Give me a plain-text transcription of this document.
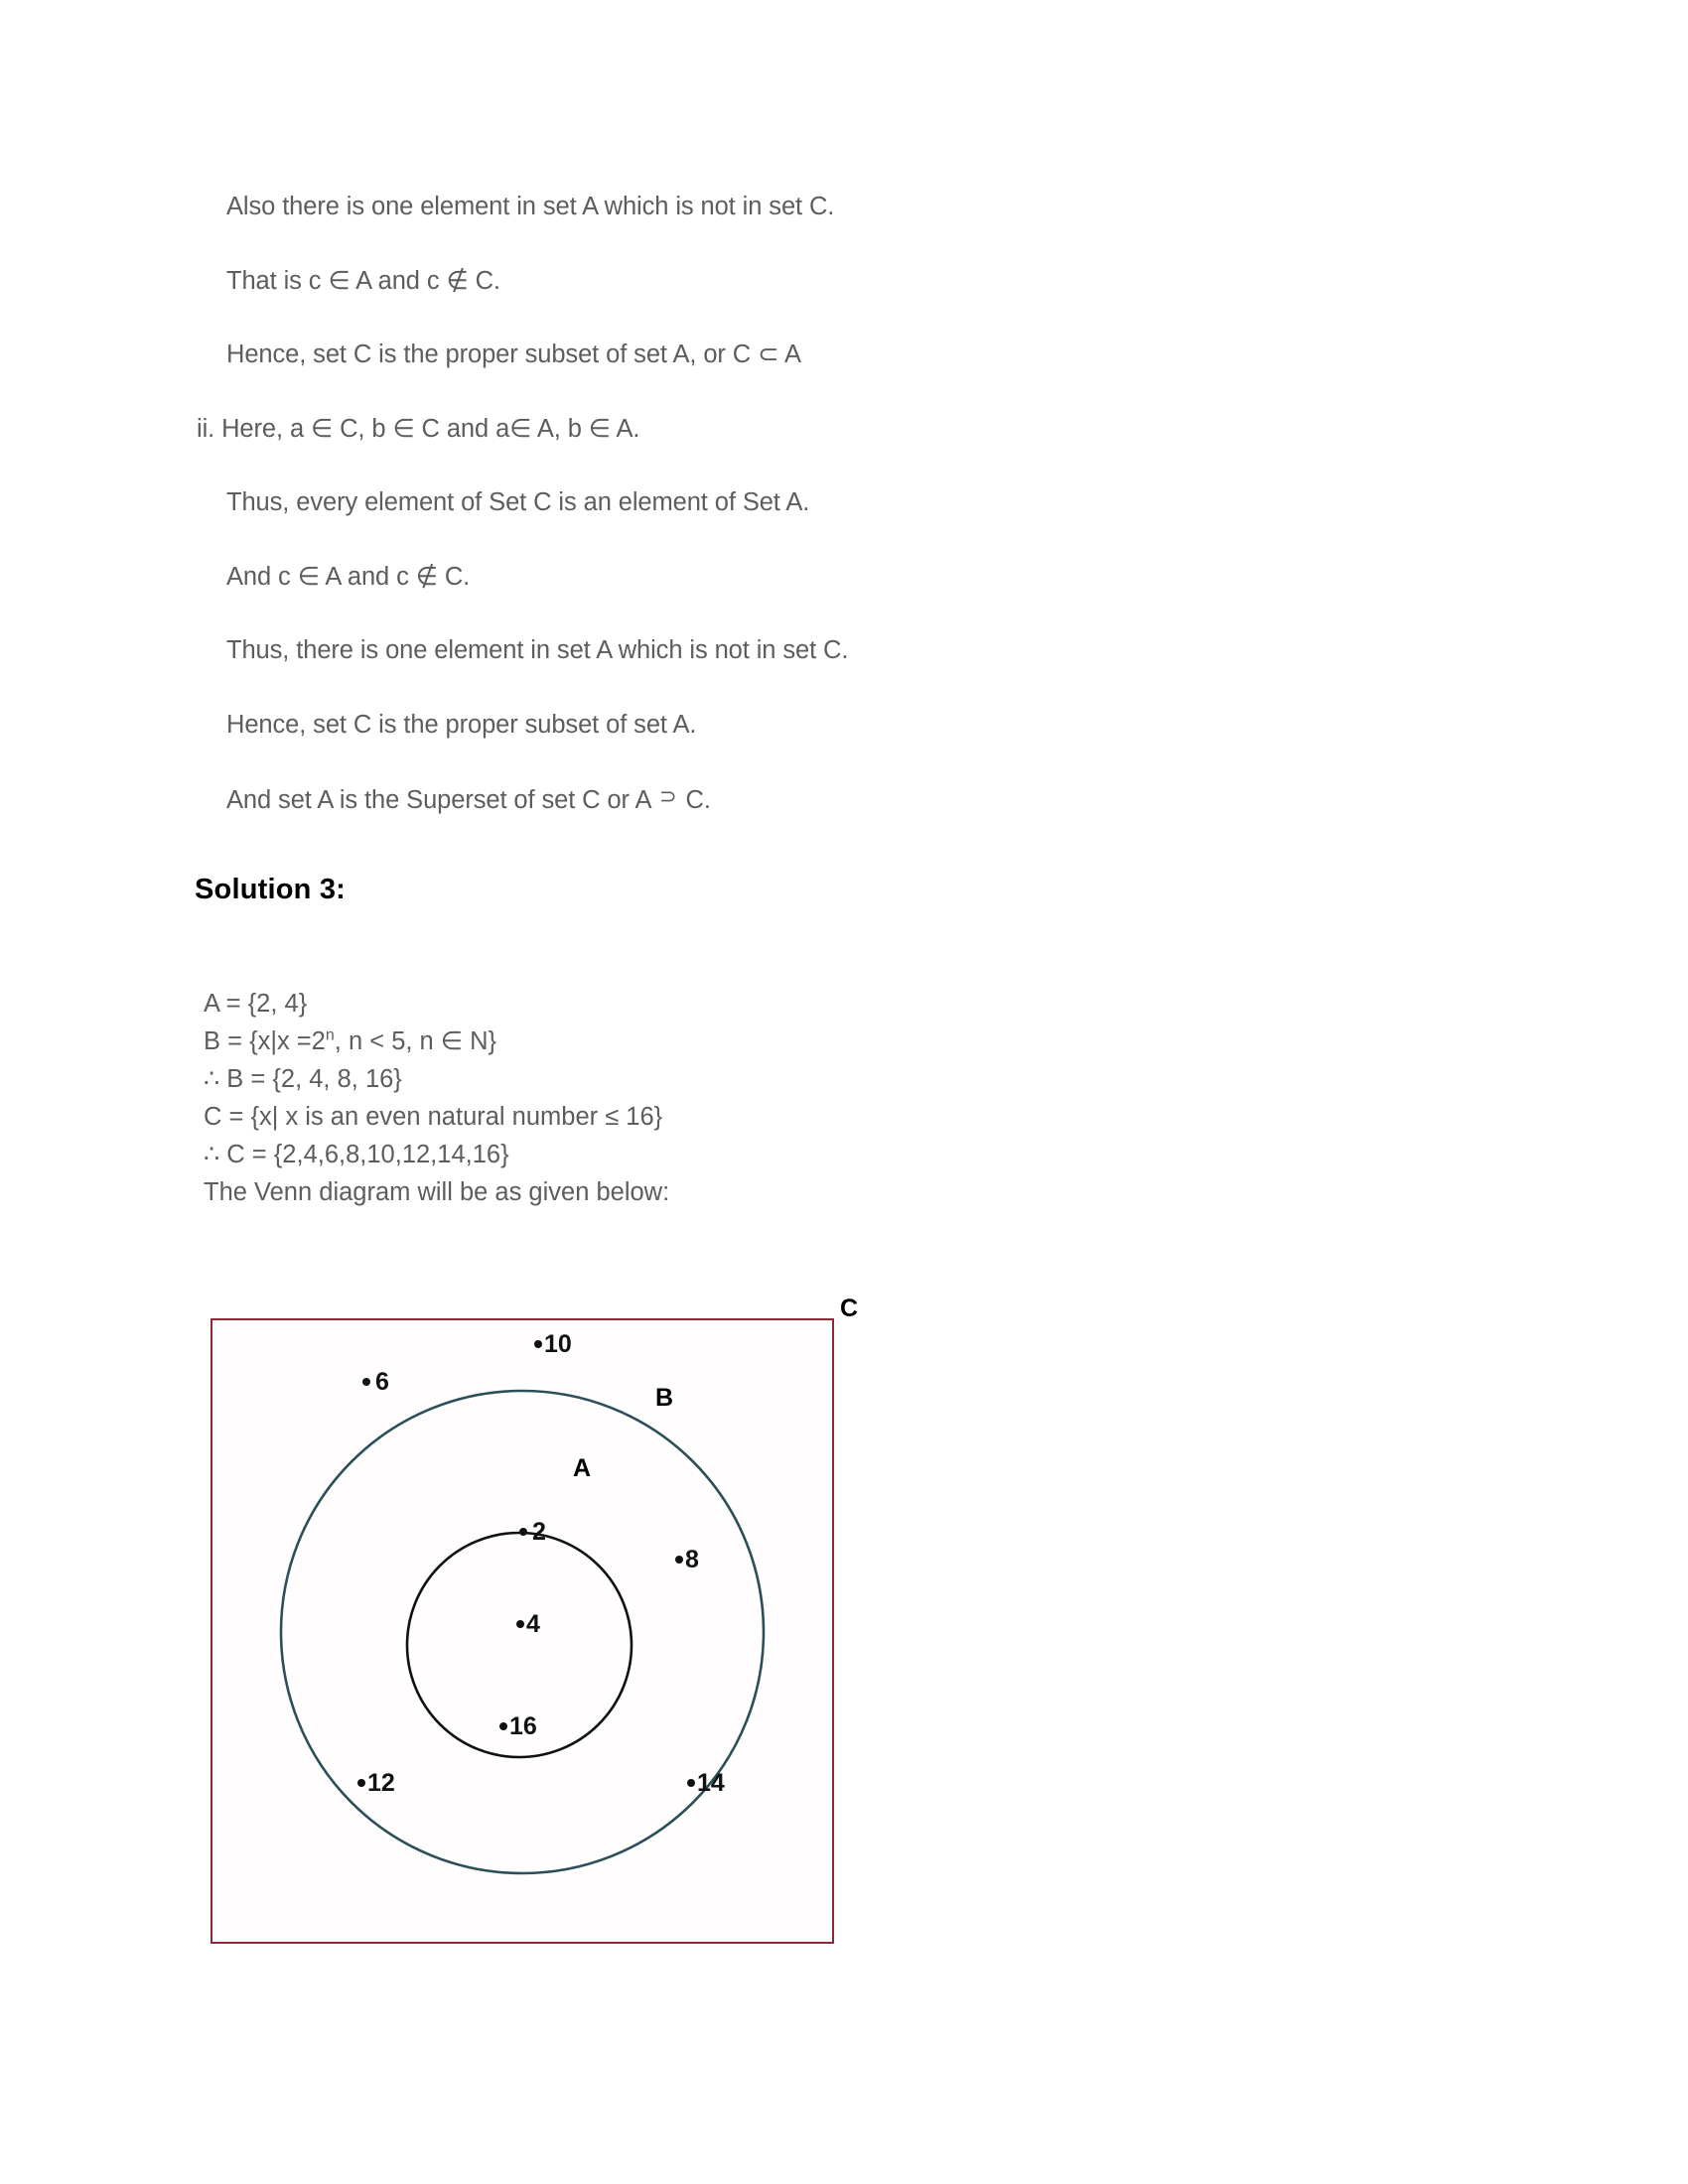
Also there is one element in set A which is not in set C.
That is c ∈ A and c ∉ C.
Hence, set C is the proper subset of set A, or C ⊂ A
ii. Here, a ∈ C, b ∈ C and a∈ A, b ∈ A.
Thus, every element of Set C is an element of Set A.
And c ∈ A and c ∉ C.
Thus, there is one element in set A which is not in set C.
Hence, set C is the proper subset of set A.
And set A is the Superset of set C or A ⊃ C.
Solution 3:
A = {2, 4}
$B = \{x|x =2^n$, n < 5, n ∈ N}
∴ B = {2, 4, 8, 16}
C = {x| x is an even natural number ≤ 16}
∴ C = {2,4,6,8,10,12,14,16}
The Venn diagram will be as given below:
C
B
A
10
6
2
8
4
16
12	14
